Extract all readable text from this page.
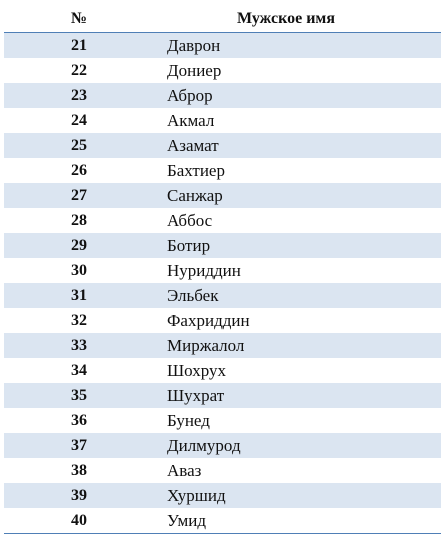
№	Мужское имя
21	Даврон
22	Дониер
23	Аброр
24	Акмал
25	Азамат
26	Бахтиер
27	Санжар
28	Аббос
29	Ботир
30	Нуриддин
31	Эльбек
32	Фахриддин
33	Миржалол
34	Шохрух
35	Шухрат
36	Бунед
37	Дилмурод
38	Аваз
39	Хуршид
40	Умид
